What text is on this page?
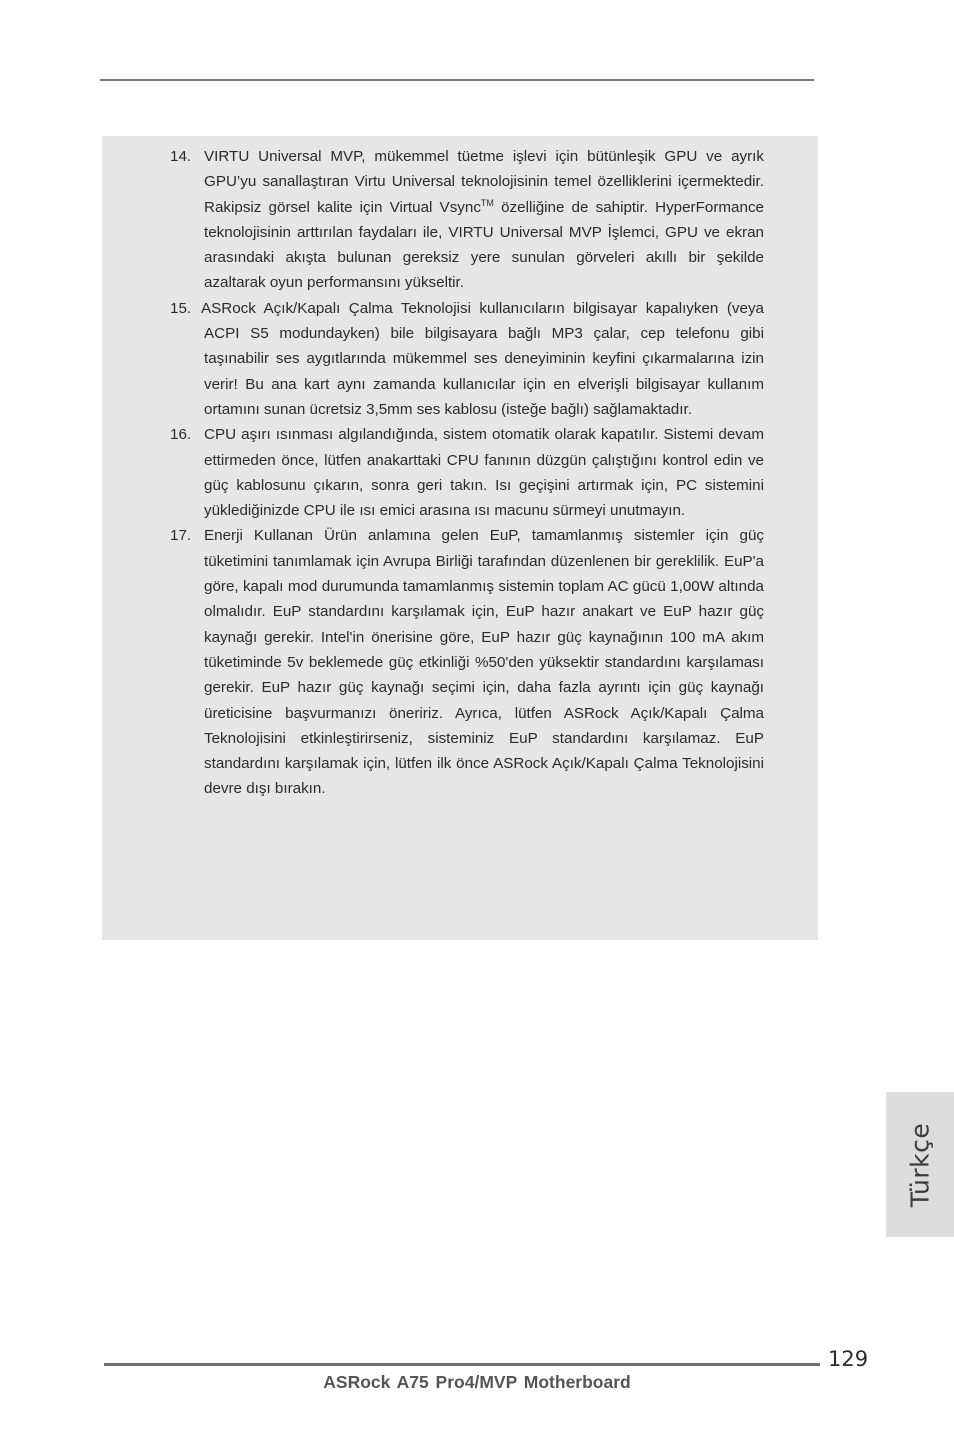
14. VIRTU Universal MVP, mükemmel tüetme işlevi için bütünleşik GPU ve ayrık GPU’yu sanallaştıran Virtu Universal teknolojisinin temel özelliklerini içermektedir. Rakipsiz görsel kalite için Virtual Vsync™ özelliğine de sahiptir. HyperFormance teknolojisinin arttırılan faydaları ile, VIRTU Universal MVP İşlemci, GPU ve ekran arasındaki akışta bulunan gereksiz yere sunulan görveleri akıllı bir şekilde azaltarak oyun performansını yükseltir.
15. ASRock Açık/Kapalı Çalma Teknolojisi kullanıcıların bilgisayar kapalıyken (veya ACPI S5 modundayken) bile bilgisayara bağlı MP3 çalar, cep telefonu gibi taşınabilir ses aygıtlarında mükemmel ses deneyiminin keyfini çıkarmalarına izin verir! Bu ana kart aynı zamanda kullanıcılar için en elverişli bilgisayar kullanım ortamını sunan ücretsiz 3,5mm ses kablosu (isteğe bağlı) sağlamaktadır.
16. CPU aşırı ısınması algılandığında, sistem otomatik olarak kapatılır. Sistemi devam ettirmeden önce, lütfen anakarttaki CPU fanının düzgün çalıştığını kontrol edin ve güç kablosunu çıkarın, sonra geri takın. Isı geçişini artırmak için, PC sistemini yüklediğinizde CPU ile ısı emici arasına ısı macunu sürmeyi unutmayın.
17. Enerji Kullanan Ürün anlamına gelen EuP, tamamlanmış sistemler için güç tüketimini tanımlamak için Avrupa Birliği tarafından düzenlenen bir gereklilik. EuP'a göre, kapalı mod durumunda tamamlanmış sistemin toplam AC gücü 1,00W altında olmalıdır. EuP standardını karşılamak için, EuP hazır anakart ve EuP hazır güç kaynağı gerekir. Intel'in önerisine göre, EuP hazır güç kaynağının 100 mA akım tüketiminde 5v beklemede güç etkinliği %50'den yüksektir standardını karşılaması gerekir. EuP hazır güç kaynağı seçimi için, daha fazla ayrıntı için güç kaynağı üreticisine başvurmanızı öneririz. Ayrıca, lütfen ASRock Açık/Kapalı Çalma Teknolojisini etkinleştirirseniz, sisteminiz EuP standardını karşılamaz. EuP standardını karşılamak için, lütfen ilk önce ASRock Açık/Kapalı Çalma Teknolojisini devre dışı bırakın.
Türkçe
129
ASRock A75 Pro4/MVP Motherboard
